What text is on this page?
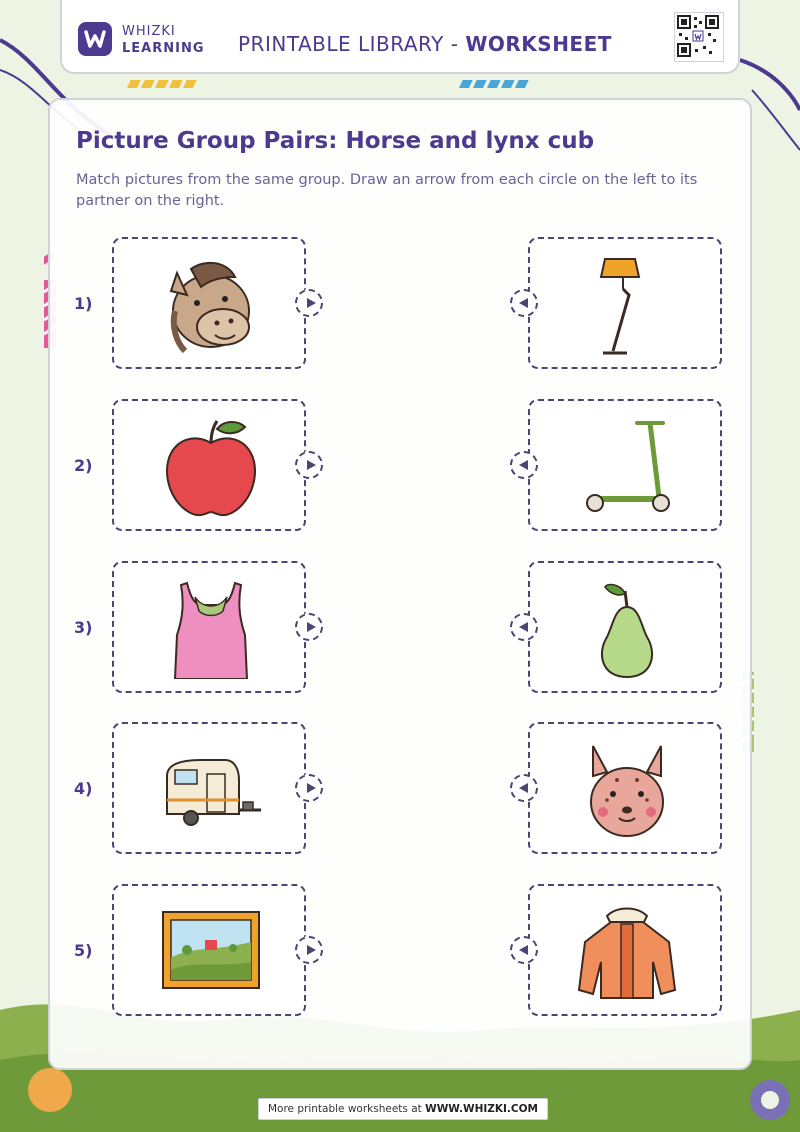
WHIZKI
LEARNING PRINTABLE LIBRARY - WORKSHEET
Picture Group Pairs: Horse and lynx cub

Match pictures from the same group. Draw an arrow from each circle on the left to its partner on the right.

1)
2)
3)
4)
5)
More printable worksheets at WWW.WHIZKI.COM
